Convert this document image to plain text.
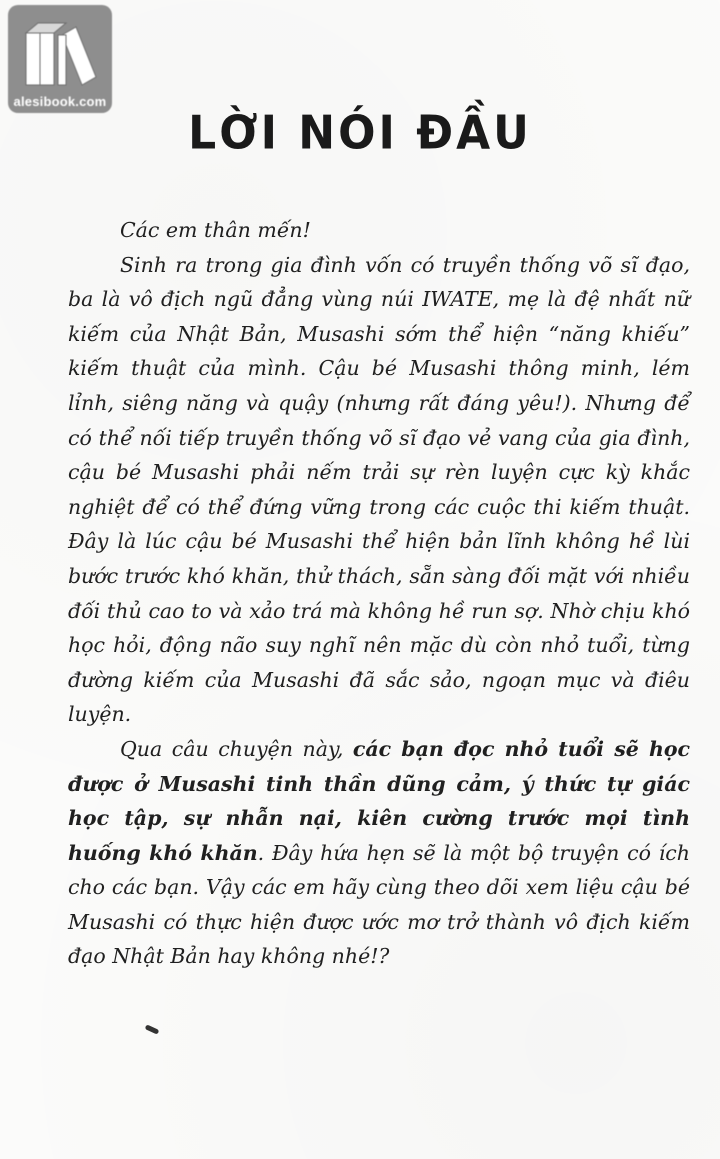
alesibook.com
LỜI NÓI ĐẦU

Các em thân mến!

Sinh ra trong gia đình vốn có truyền thống võ sĩ đạo, ba là vô địch ngũ đẳng vùng núi IWATE, mẹ là đệ nhất nữ kiếm của Nhật Bản, Musashi sớm thể hiện “năng khiếu” kiếm thuật của mình. Cậu bé Musashi thông minh, lém lỉnh, siêng năng và quậy (nhưng rất đáng yêu!). Nhưng để có thể nối tiếp truyền thống võ sĩ đạo vẻ vang của gia đình, cậu bé Musashi phải nếm trải sự rèn luyện cực kỳ khắc nghiệt để có thể đứng vững trong các cuộc thi kiếm thuật. Đây là lúc cậu bé Musashi thể hiện bản lĩnh không hề lùi bước trước khó khăn, thử thách, sẵn sàng đối mặt với nhiều đối thủ cao to và xảo trá mà không hề run sợ. Nhờ chịu khó học hỏi, động não suy nghĩ nên mặc dù còn nhỏ tuổi, từng đường kiếm của Musashi đã sắc sảo, ngoạn mục và điêu luyện.

Qua câu chuyện này, các bạn đọc nhỏ tuổi sẽ học được ở Musashi tinh thần dũng cảm, ý thức tự giác học tập, sự nhẫn nại, kiên cường trước mọi tình huống khó khăn. Đây hứa hẹn sẽ là một bộ truyện có ích cho các bạn. Vậy các em hãy cùng theo dõi xem liệu cậu bé Musashi có thực hiện được ước mơ trở thành vô địch kiếm đạo Nhật Bản hay không nhé!?
